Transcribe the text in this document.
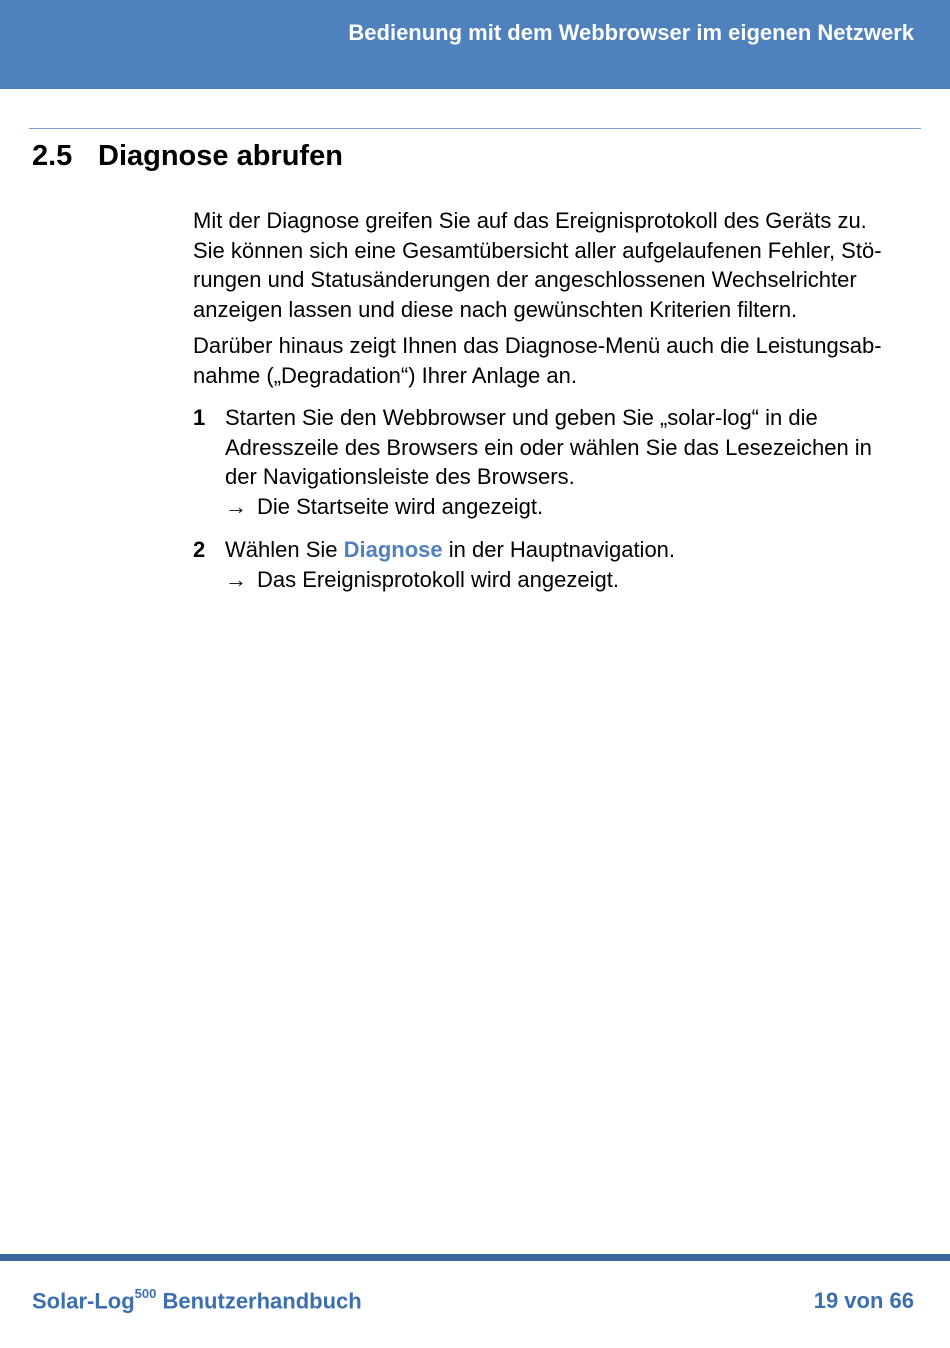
Bedienung mit dem Webbrowser im eigenen Netzwerk
2.5 Diagnose abrufen
Mit der Diagnose greifen Sie auf das Ereignisprotokoll des Geräts zu.
Sie können sich eine Gesamtübersicht aller aufgelaufenen Fehler, Stö-
rungen und Statusänderungen der angeschlossenen Wechselrichter
anzeigen lassen und diese nach gewünschten Kriterien filtern.
Darüber hinaus zeigt Ihnen das Diagnose-Menü auch die Leistungsab-
nahme („Degradation“) Ihrer Anlage an.
1 Starten Sie den Webbrowser und geben Sie „solar-log“ in die
Adresszeile des Browsers ein oder wählen Sie das Lesezeichen in
der Navigationsleiste des Browsers.
→ Die Startseite wird angezeigt.
2 Wählen Sie Diagnose in der Hauptnavigation.
→ Das Ereignisprotokoll wird angezeigt.
Solar-Log$^{500}$ Benutzerhandbuch	19 von 66
